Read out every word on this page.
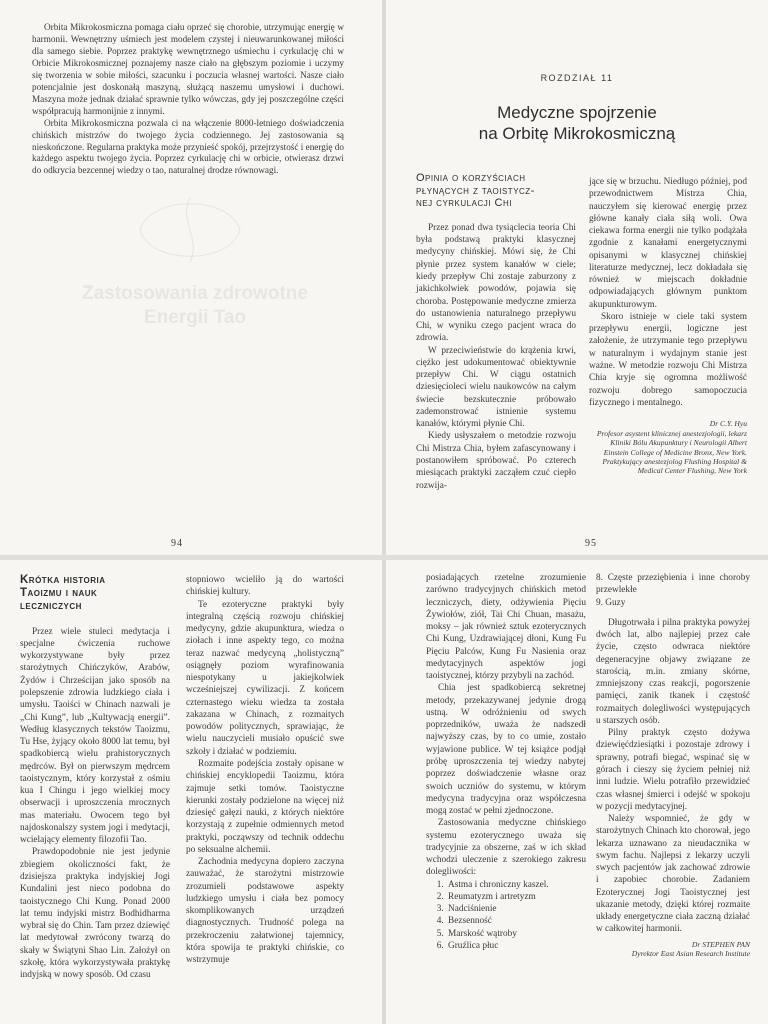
Orbita Mikrokosmiczna pomaga ciału oprzeć się chorobie, utrzymując energię w harmonii. Wewnętrzny uśmiech jest modelem czystej i nieuwarunkowanej miłości dla samego siebie. Poprzez praktykę wewnętrznego uśmiechu i cyrkulację chi w Orbicie Mikrokosmicznej poznajemy nasze ciało na głębszym poziomie i uczymy się tworzenia w sobie miłości, szacunku i poczucia własnej wartości. Nasze ciało potencjalnie jest doskonałą maszyną, służącą naszemu umysłowi i duchowi. Maszyna może jednak działać sprawnie tylko wówczas, gdy jej poszczególne części współpracują harmonijnie z innymi.

Orbita Mikrokosmiczna pozwala ci na włączenie 8000-letniego doświadczenia chińskich mistrzów do twojego życia codziennego. Jej zastosowania są nieskończone. Regularna praktyka może przynieść spokój, przejrzystość i energię do każdego aspektu twojego życia. Poprzez cyrkulację chi w orbicie, otwierasz drzwi do odkrycia bezcennej wiedzy o tao, naturalnej drodze równowagi.

Zastosowania zdrowotne
Energii Tao
94
ROZDZIAŁ 11
Medyczne spojrzenie
na Orbitę Mikrokosmiczną
Opinia o korzyściach
płynących z taoistycz-
nej cyrkulacji Chi

Przez ponad dwa tysiąclecia teoria Chi była podstawą praktyki klasycznej medycyny chińskiej. Mówi się, że Chi płynie przez system kanałów w ciele; kiedy przepływ Chi zostaje zaburzony z jakichkolwiek powodów, pojawia się choroba. Postępowanie medyczne zmierza do ustanowienia naturalnego przepływu Chi, w wyniku czego pacjent wraca do zdrowia.

W przeciwieństwie do krążenia krwi, ciężko jest udokumentować obiektywnie przepływ Chi. W ciągu ostatnich dziesięcioleci wielu naukowców na całym świecie bezskutecznie próbowało zademonstrować istnienie systemu kanałów, którymi płynie Chi.

Kiedy usłyszałem o metodzie rozwoju Chi Mistrza Chia, byłem zafascynowany i postanowiłem spróbować. Po czterech miesiącach praktyki zacząłem czuć ciepło rozwija-

jące się w brzuchu. Niedługo później, pod przewodnictwem Mistrza Chia, nauczyłem się kierować energię przez główne kanały ciała siłą woli. Owa ciekawa forma energii nie tylko podążała zgodnie z kanałami energetycznymi opisanymi w klasycznej chińskiej literaturze medycznej, lecz dokładała się również w miejscach dokładnie odpowiadających głównym punktom akupunkturowym.

Skoro istnieje w ciele taki system przepływu energii, logiczne jest założenie, że utrzymanie tego przepływu w naturalnym i wydajnym stanie jest ważne. W metodzie rozwoju Chi Mistrza Chia kryje się ogromna możliwość rozwoju dobrego samopoczucia fizycznego i mentalnego.

Dr C.Y. Hyu
Profesor asystent klinicznej anestezjologii, lekarz Kliniki Bólu Akupunktury i Neurologii Albert Einstein College of Medicine Bronx, New York. Praktykujący anestezjolog Flushing Hospital & Medical Center Flushing, New York
95
Krótka historia
Taoizmu i nauk
leczniczych

Przez wiele stuleci medytacja i specjalne ćwiczenia ruchowe wykorzystywane były przez starożytnych Chińczyków, Arabów, Żydów i Chrześcijan jako sposób na polepszenie zdrowia ludzkiego ciała i umysłu. Taoiści w Chinach nazwali je „Chi Kung”, lub „Kultywacją energii”. Według klasycznych tekstów Taoizmu, Tu Hse, żyjący około 8000 lat temu, był spadkobiercą wielu prahistorycznych mędrców. Był on pierwszym mędrcem taoistycznym, który korzystał z ośmiu kua I Chingu i jego wielkiej mocy obserwacji i uproszczenia mrocznych mas materiału. Owocem tego był najdoskonalszy system jogi i medytacji, wcielający elementy filozofii Tao.

Prawdopodobnie nie jest jedynie zbiegiem okoliczności fakt, że dzisiejsza praktyka indyjskiej Jogi Kundalini jest nieco podobna do taoistycznego Chi Kung. Ponad 2000 lat temu indyjski mistrz Bodhidharma wybrał się do Chin. Tam przez dziewięć lat medytował zwrócony twarzą do skały w Świątyni Shao Lin. Założył on szkołę, która wykorzystywała praktykę indyjską w nowy sposób. Od czasu

stopniowo wcieliło ją do wartości chińskiej kultury.

Te ezoteryczne praktyki były integralną częścią rozwoju chińskiej medycyny, gdzie akupunktura, wiedza o ziołach i inne aspekty tego, co można teraz nazwać medycyną „holistyczną” osiągnęły poziom wyrafinowania niespotykany u jakiejkolwiek wcześniejszej cywilizacji. Z końcem czternastego wieku wiedza ta została zakazana w Chinach, z rozmaitych powodów politycznych, sprawiając, że wielu nauczycieli musiało opuścić swe szkoły i działać w podziemiu.

Rozmaite podejścia zostały opisane w chińskiej encyklopedii Taoizmu, która zajmuje setki tomów. Taoistyczne kierunki zostały podzielone na więcej niż dziesięć gałęzi nauki, z których niektóre korzystają z zupełnie odmiennych metod praktyki, począwszy od technik oddechu po seksualne alchemii.

Zachodnia medycyna dopiero zaczyna zauważać, że starożytni mistrzowie zrozumieli podstawowe aspekty ludzkiego umysłu i ciała bez pomocy skomplikowanych urządzeń diagnostycznych. Trudność polega na przekroczeniu załatwionej tajemnicy, która spowija te praktyki chińskie, co wstrzymuje

posiadających rzetelne zrozumienie zarówno tradycyjnych chińskich metod leczniczych, diety, odżywienia Pięciu Żywiołów, ziół, Tai Chi Chuan, masażu, moksy – jak również sztuk ezoterycznych Chi Kung, Uzdrawiającej dłoni, Kung Fu Pięciu Palców, Kung Fu Nasienia oraz medytacyjnych aspektów jogi taoistycznej, którzy przybyli na zachód.

Chia jest spadkobiercą sekretnej metody, przekazywanej jedynie drogą ustną. W odróżnieniu od swych poprzedników, uważa że nadszedł najwyższy czas, by to co umie, zostało wyjawione publice. W tej książce podjął próbę uproszczenia tej wiedzy nabytej poprzez doświadczenie własne oraz swoich uczniów do systemu, w którym medycyna tradycyjna oraz współczesna mogą zostać w pełni zjednoczone.

Zastosowania medyczne chińskiego systemu ezoterycznego uważa się tradycyjnie za obszerne, zaś w ich skład wchodzi uleczenie z szerokiego zakresu dolegliwości:

1. Astma i chroniczny kaszel.
2. Reumatyzm i artretyzm
3. Nadciśnienie
4. Bezsenność
5. Marskość wątroby
6. Gruźlica płuc

8. Częste przeziębienia i inne choroby przewlekłe

9. Guzy

Długotrwała i pilna praktyka powyżej dwóch lat, albo najlepiej przez całe życie, często odwraca niektóre degeneracyjne objawy związane ze starością, m.in. zmiany skórne, zmniejszony czas reakcji, pogorszenie pamięci, zanik tkanek i częstość rozmaitych dolegliwości występujących u starszych osób.

Pilny praktyk często dożywa dziewięćdziesiątki i pozostaje zdrowy i sprawny, potrafi biegać, wspinać się w górach i cieszy się życiem pełniej niż inni ludzie. Wielu potrafiło przewidzieć czas własnej śmierci i odejść w spokoju w pozycji medytacyjnej.

Należy wspomnieć, że gdy w starożytnych Chinach kto chorował, jego lekarza uznawano za nieudacznika w swym fachu. Najlepsi z lekarzy uczyli swych pacjentów jak zachować zdrowie i zapobiec chorobie. Zadaniem Ezoterycznej Jogi Taoistycznej jest ukazanie metody, dzięki której rozmaite układy energetyczne ciała zaczną działać w całkowitej harmonii.

Dr STEPHEN PAN
Dyrektor East Asian Research Institute
